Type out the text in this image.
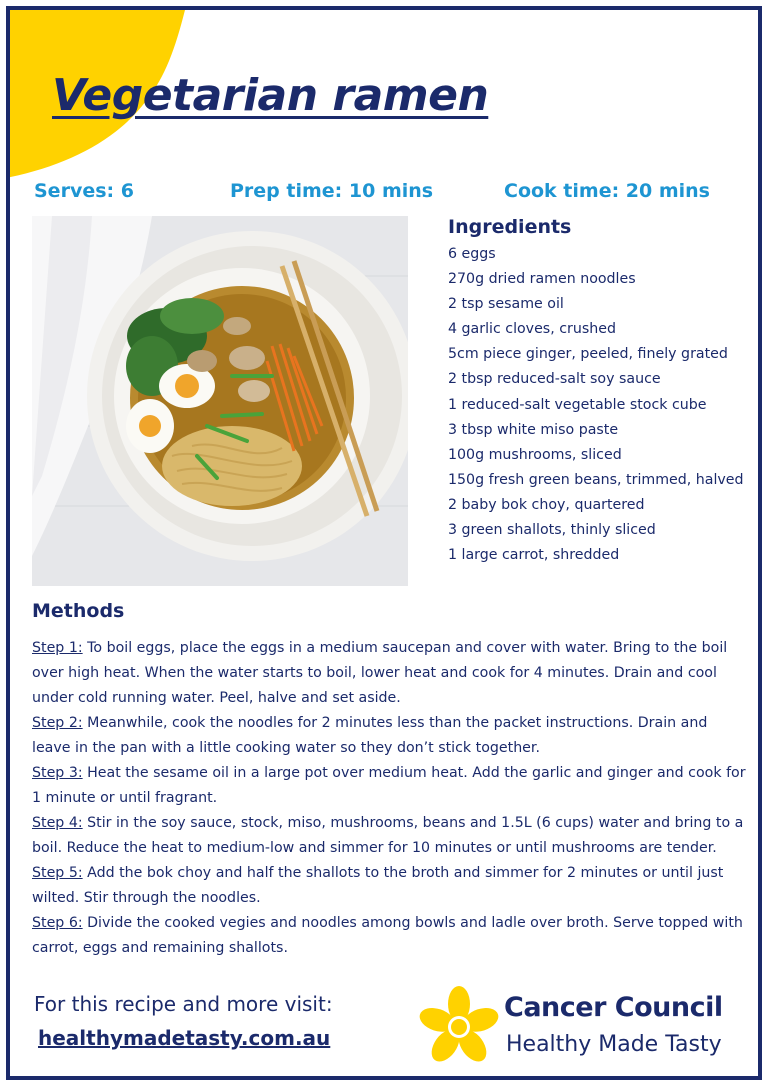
Vegetarian ramen
Serves: 6	Prep time: 10 mins	Cook time: 20 mins
Ingredients
6 eggs
270g dried ramen noodles
2 tsp sesame oil
4 garlic cloves, crushed
5cm piece ginger, peeled, finely grated
2 tbsp reduced-salt soy sauce
1 reduced-salt vegetable stock cube
3 tbsp white miso paste
100g mushrooms, sliced
150g fresh green beans, trimmed, halved
2 baby bok choy, quartered
3 green shallots, thinly sliced
1 large carrot, shredded
Methods

Step 1: To boil eggs, place the eggs in a medium saucepan and cover with water. Bring to the boil over high heat. When the water starts to boil, lower heat and cook for 4 minutes. Drain and cool under cold running water. Peel, halve and set aside.

Step 2: Meanwhile, cook the noodles for 2 minutes less than the packet instructions. Drain and leave in the pan with a little cooking water so they don’t stick together.

Step 3: Heat the sesame oil in a large pot over medium heat. Add the garlic and ginger and cook for 1 minute or until fragrant.

Step 4: Stir in the soy sauce, stock, miso, mushrooms, beans and 1.5L (6 cups) water and bring to a boil. Reduce the heat to medium-low and simmer for 10 minutes or until mushrooms are tender.

Step 5: Add the bok choy and half the shallots to the broth and simmer for 2 minutes or until just wilted. Stir through the noodles.

Step 6: Divide the cooked vegies and noodles among bowls and ladle over broth. Serve topped with carrot, eggs and remaining shallots.

For this recipe and more visit:
healthymadetasty.com.au
Cancer Council
Healthy Made Tasty
